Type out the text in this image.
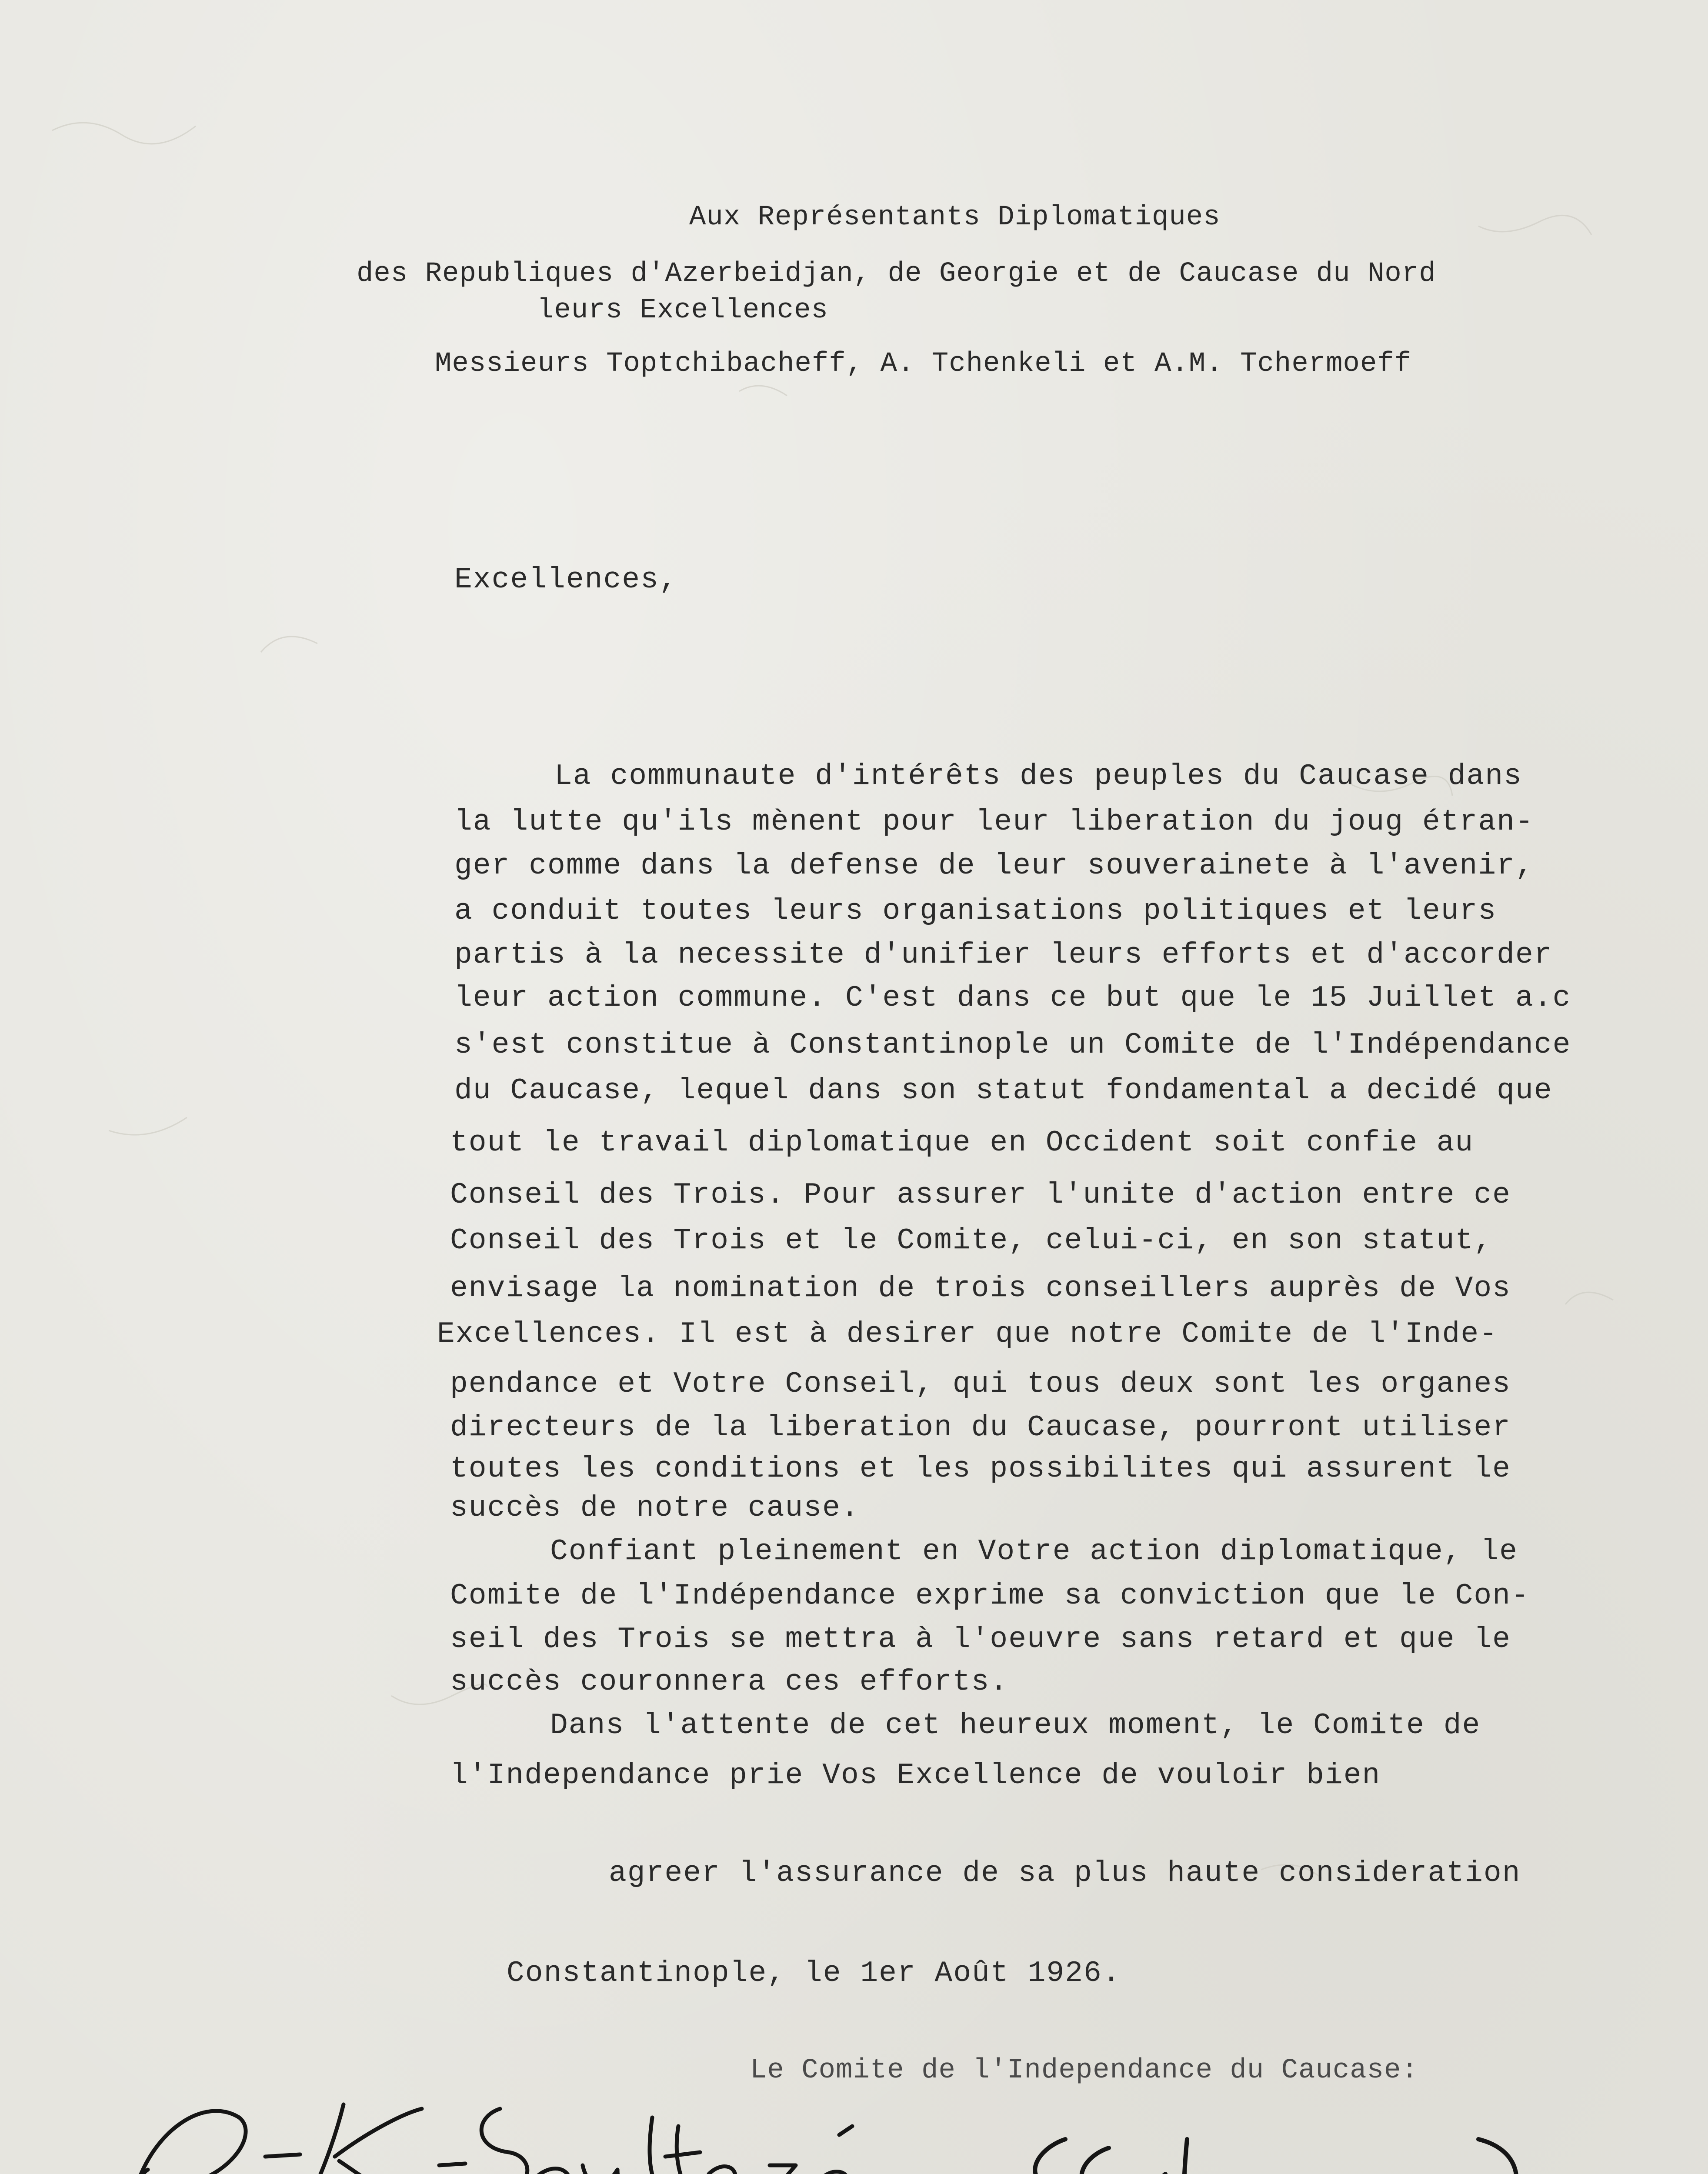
Aux Représentants Diplomatiques

des Republiques d'Azerbeidjan, de Georgie et de Caucase du Nord

leurs Excellences

Messieurs Toptchibacheff, A. Tchenkeli et A.M. Tchermoeff

Excellences,

La communaute d'intérêts des peuples du Caucase dans

la lutte qu'ils mènent pour leur liberation du joug étran-

ger comme dans la defense de leur souverainete à l'avenir,

a conduit toutes leurs organisations politiques et leurs

partis à la necessite d'unifier leurs efforts et d'accorder

leur action commune. C'est dans ce but que le 15 Juillet a.c

s'est constitue à Constantinople un Comite de l'Indépendance

du Caucase, lequel dans son statut fondamental a decidé que

tout le travail diplomatique en Occident soit confie au

Conseil des Trois. Pour assurer l'unite d'action entre ce

Conseil des Trois et le Comite, celui-ci, en son statut,

envisage la nomination de trois conseillers auprès de Vos

Excellences. Il est à desirer que notre Comite de l'Inde-

pendance et Votre Conseil, qui tous deux sont les organes

directeurs de la liberation du Caucase, pourront utiliser

toutes les conditions et les possibilites qui assurent le

succès de notre cause.

Confiant pleinement en Votre action diplomatique, le

Comite de l'Indépendance exprime sa conviction que le Con-

seil des Trois se mettra à l'oeuvre sans retard et que le

succès couronnera ces efforts.

Dans l'attente de cet heureux moment, le Comite de

l'Independance prie Vos Excellence de vouloir bien

agreer l'assurance de sa plus haute consideration

Constantinople, le 1er Août 1926.

Le Comite de l'Independance du Caucase:
